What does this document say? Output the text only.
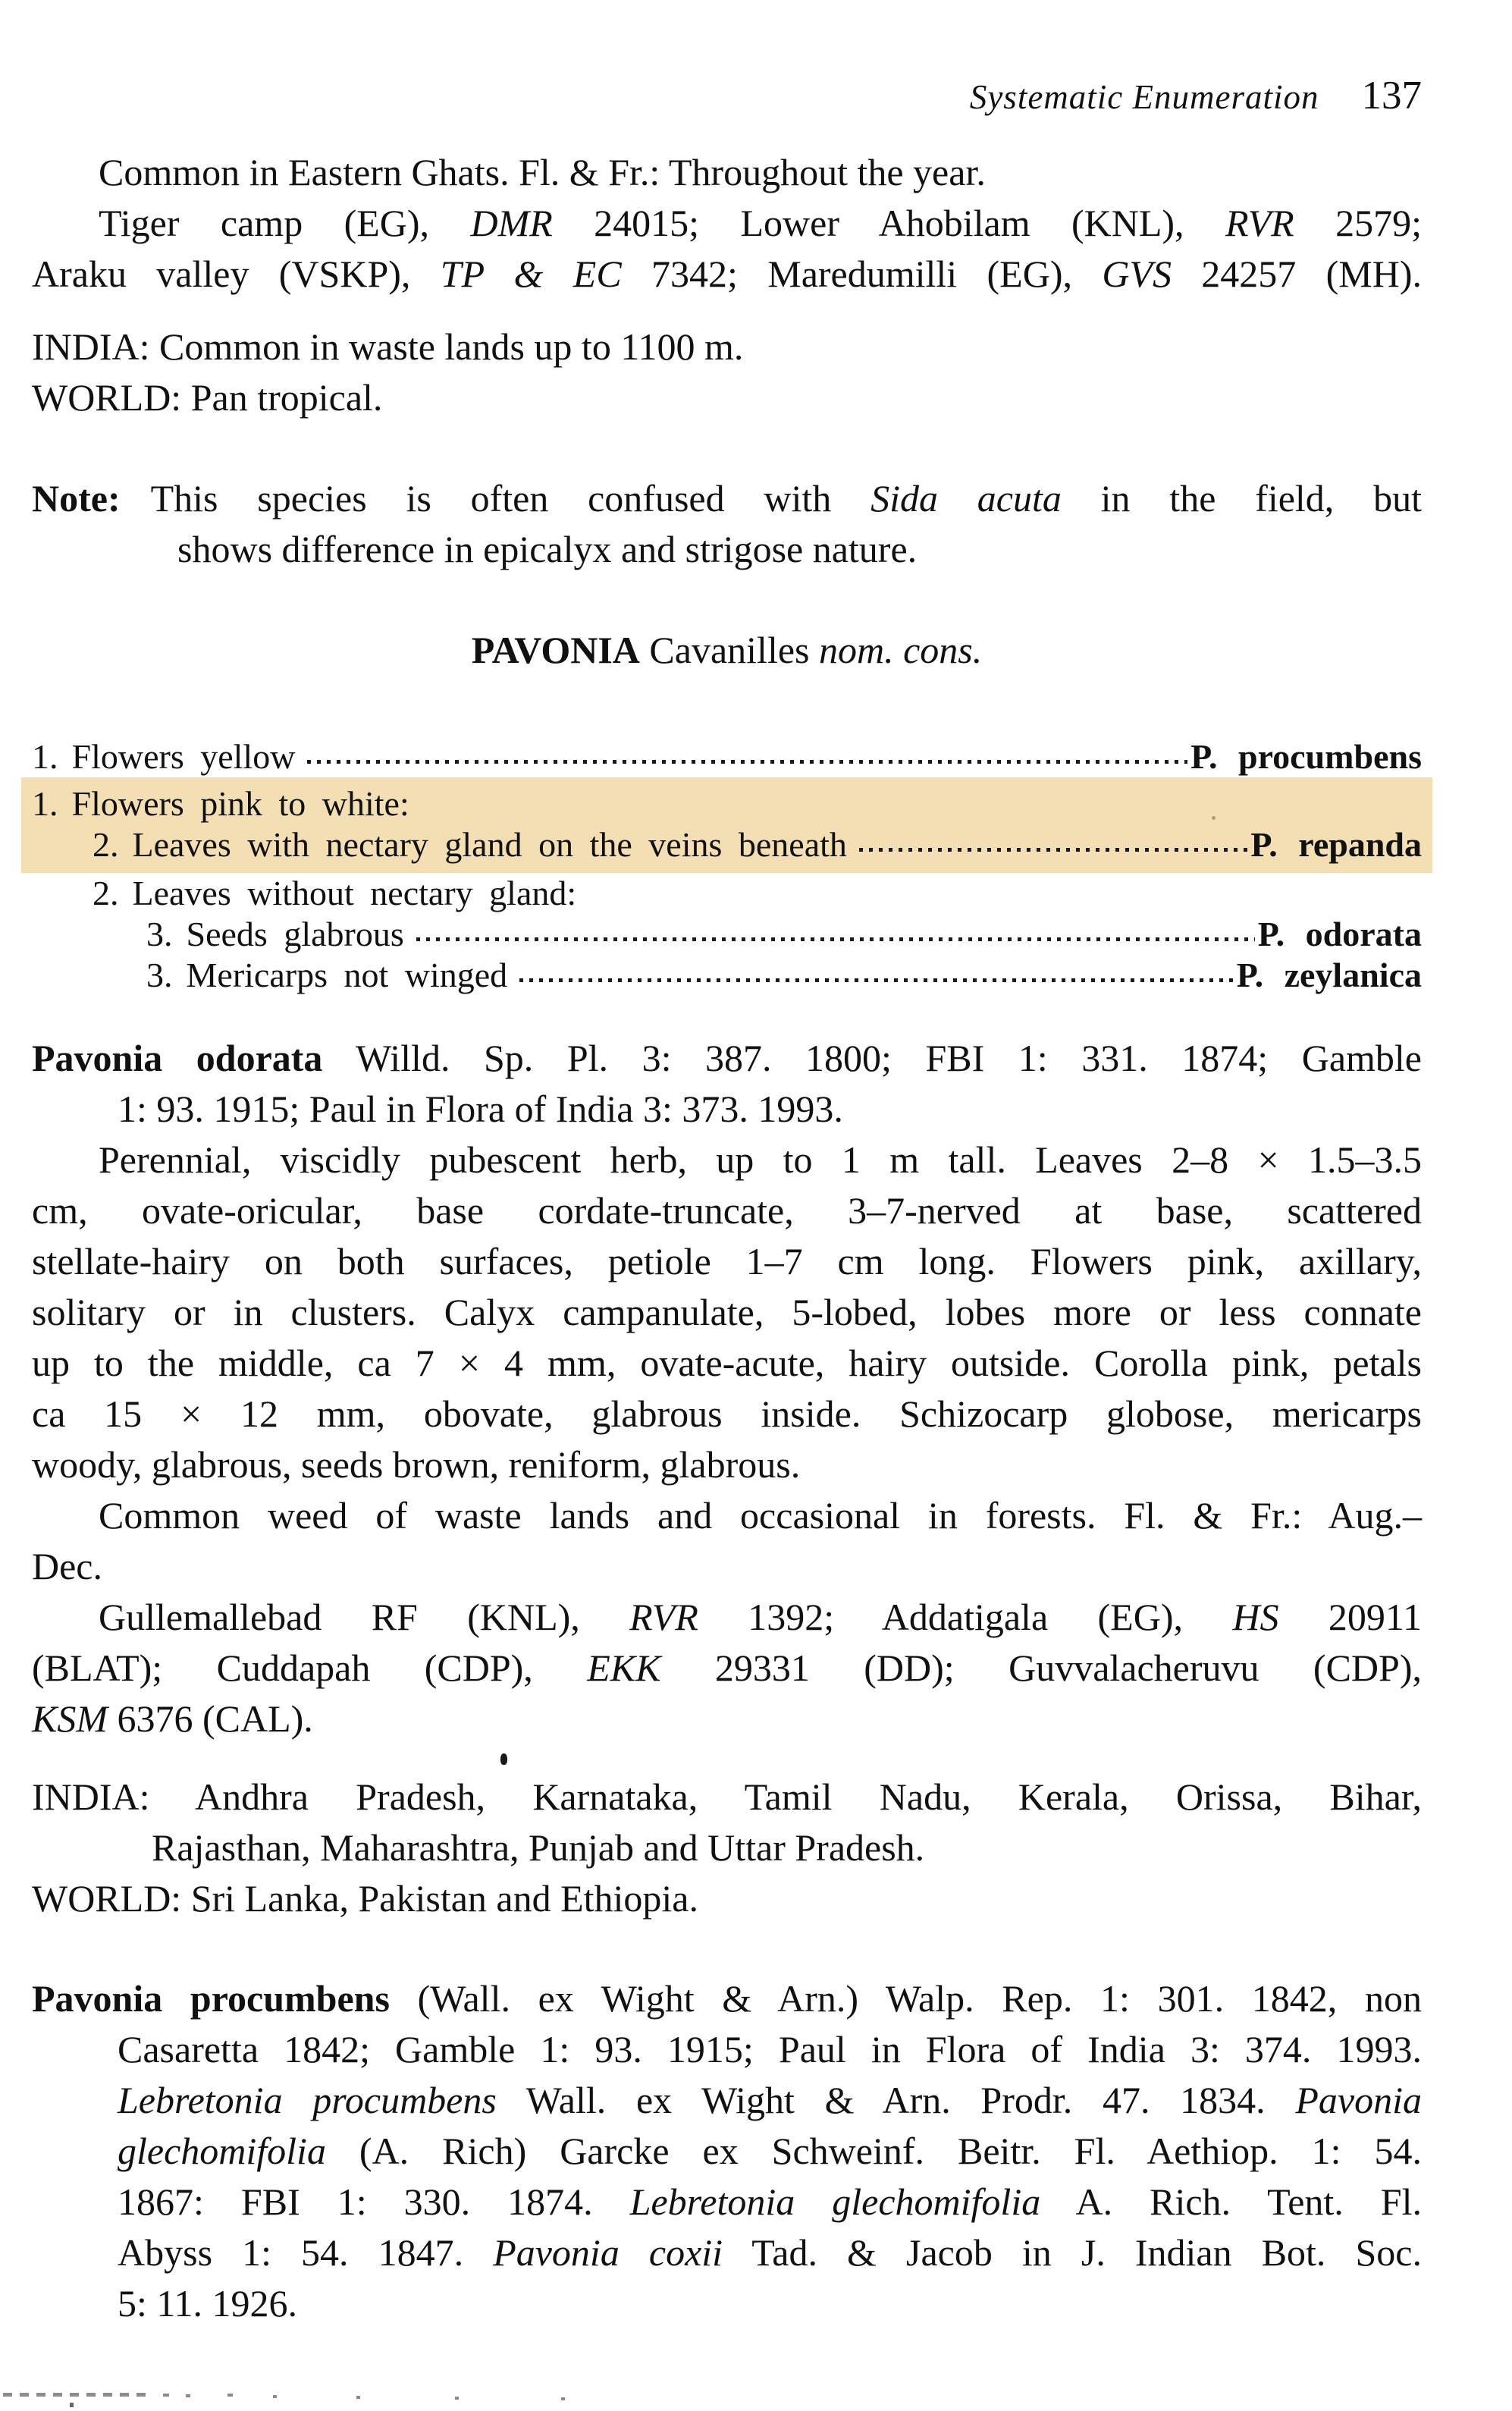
Systematic Enumeration 137
Common in Eastern Ghats. Fl. & Fr.: Throughout the year.
Tiger camp (EG), DMR 24015; Lower Ahobilam (KNL), RVR 2579;
Araku valley (VSKP), TP & EC 7342; Maredumilli (EG), GVS 24257 (MH).
INDIA: Common in waste lands up to 1100 m.
WORLD: Pan tropical.
Note: This species is often confused with Sida acuta in the field, but
shows difference in epicalyx and strigose nature.
PAVONIA Cavanilles nom. cons.
1. Flowers yellow	P. procumbens
1. Flowers pink to white:
2. Leaves with nectary gland on the veins beneath	P. repanda
2. Leaves without nectary gland:
3. Seeds glabrous	P. odorata
3. Mericarps not winged	P. zeylanica
Pavonia odorata Willd. Sp. Pl. 3: 387. 1800; FBI 1: 331. 1874; Gamble
1: 93. 1915; Paul in Flora of India 3: 373. 1993.
Perennial, viscidly pubescent herb, up to 1 m tall. Leaves 2–8 × 1.5–3.5
cm, ovate-oricular, base cordate-truncate, 3–7-nerved at base, scattered
stellate-hairy on both surfaces, petiole 1–7 cm long. Flowers pink, axillary,
solitary or in clusters. Calyx campanulate, 5-lobed, lobes more or less connate
up to the middle, ca 7 × 4 mm, ovate-acute, hairy outside. Corolla pink, petals
ca 15 × 12 mm, obovate, glabrous inside. Schizocarp globose, mericarps
woody, glabrous, seeds brown, reniform, glabrous.
Common weed of waste lands and occasional in forests. Fl. & Fr.: Aug.–
Dec.
Gullemallebad RF (KNL), RVR 1392; Addatigala (EG), HS 20911
(BLAT); Cuddapah (CDP), EKK 29331 (DD); Guvvalacheruvu (CDP),
KSM 6376 (CAL).
INDIA: Andhra Pradesh, Karnataka, Tamil Nadu, Kerala, Orissa, Bihar,
Rajasthan, Maharashtra, Punjab and Uttar Pradesh.
WORLD: Sri Lanka, Pakistan and Ethiopia.
Pavonia procumbens (Wall. ex Wight & Arn.) Walp. Rep. 1: 301. 1842, non
Casaretta 1842; Gamble 1: 93. 1915; Paul in Flora of India 3: 374. 1993.
Lebretonia procumbens Wall. ex Wight & Arn. Prodr. 47. 1834. Pavonia
glechomifolia (A. Rich) Garcke ex Schweinf. Beitr. Fl. Aethiop. 1: 54.
1867: FBI 1: 330. 1874. Lebretonia glechomifolia A. Rich. Tent. Fl.
Abyss 1: 54. 1847. Pavonia coxii Tad. & Jacob in J. Indian Bot. Soc.
5: 11. 1926.
